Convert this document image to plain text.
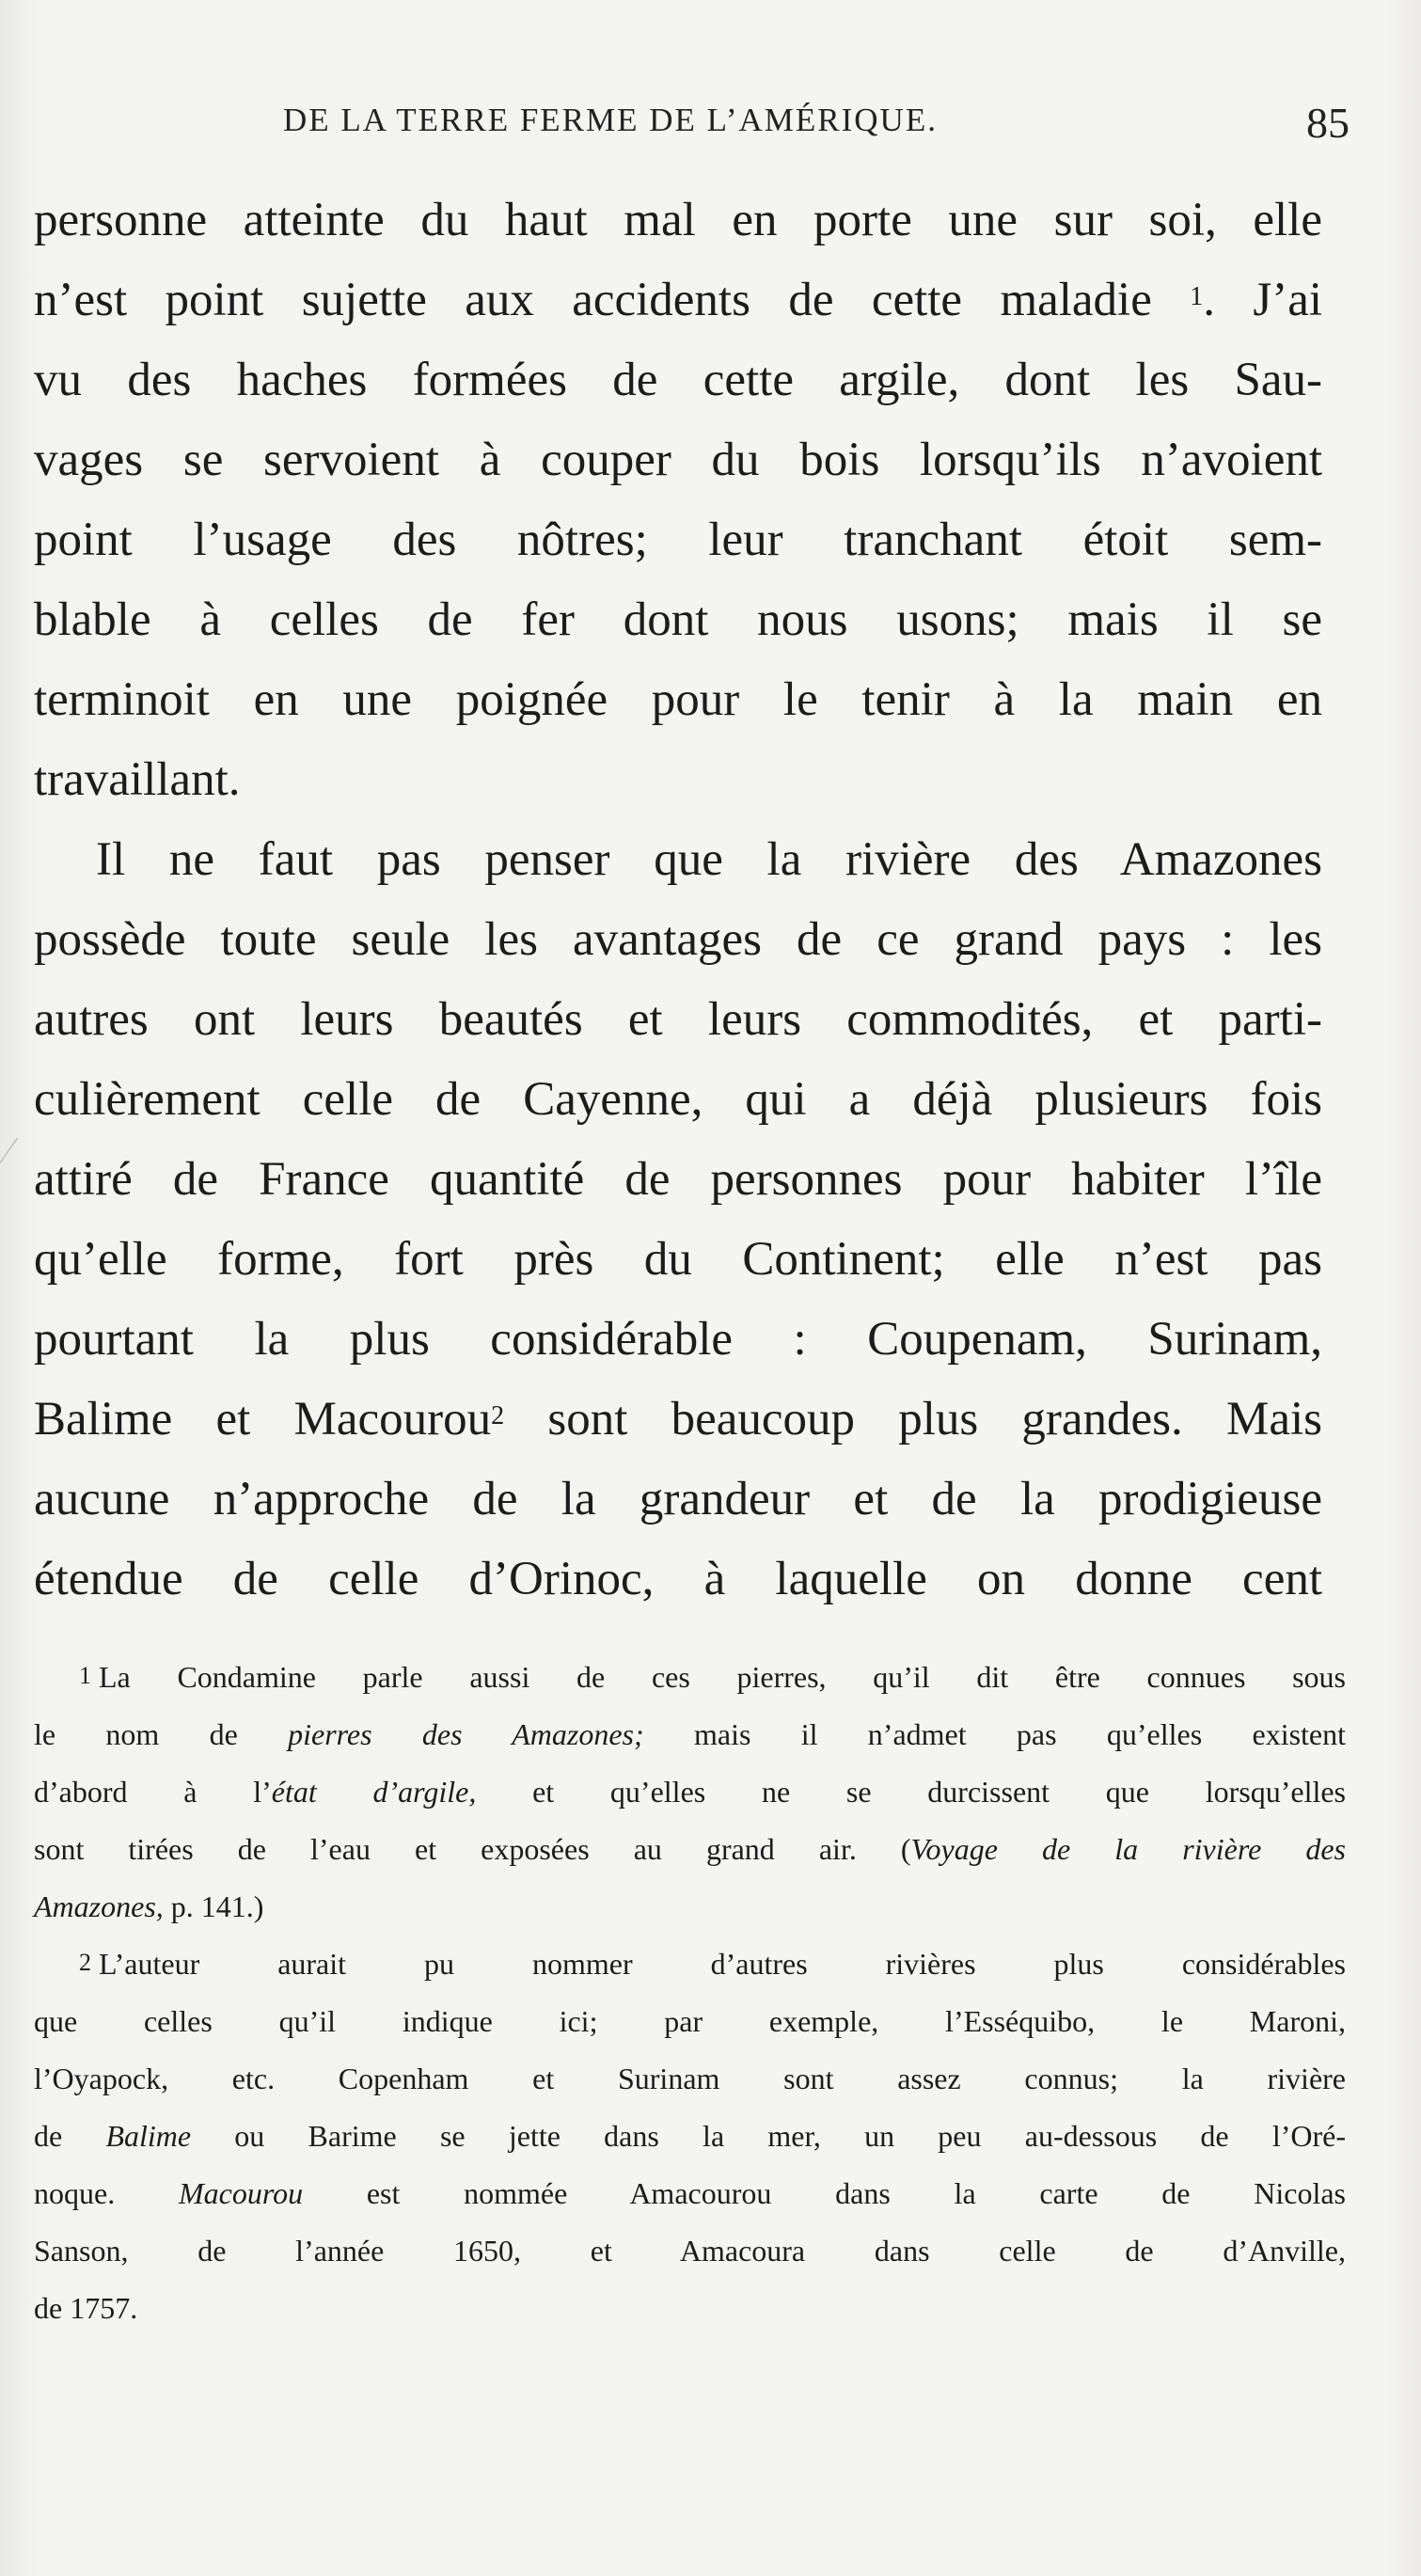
DE LA TERRE FERME DE L’AMÉRIQUE.	85
personne atteinte du haut mal en porte une sur soi, elle
n’est point sujette aux accidents de cette maladie $^1$. J’ai
vu des haches formées de cette argile, dont les Sau-
vages se servoient à couper du bois lorsqu’ils n’avoient
point l’usage des nôtres; leur tranchant étoit sem-
blable à celles de fer dont nous usons; mais il se
terminoit en une poignée pour le tenir à la main en
travaillant.
Il ne faut pas penser que la rivière des Amazones
possède toute seule les avantages de ce grand pays : les
autres ont leurs beautés et leurs commodités, et parti-
culièrement celle de Cayenne, qui a déjà plusieurs fois
attiré de France quantité de personnes pour habiter l’île
qu’elle forme, fort près du Continent; elle n’est pas
pourtant la plus considérable : Coupenam, Surinam,
Balime et Macourou$^2$ sont beaucoup plus grandes. Mais
aucune n’approche de la grandeur et de la prodigieuse
étendue de celle d’Orinoc, à laquelle on donne cent
$^1$ La Condamine parle aussi de ces pierres, qu’il dit être connues sous
le nom de pierres des Amazones; mais il n’admet pas qu’elles existent
d’abord à l’état d’argile, et qu’elles ne se durcissent que lorsqu’elles
sont tirées de l’eau et exposées au grand air. (Voyage de la rivière des
Amazones, p. 141.)
$^2$ L’auteur aurait pu nommer d’autres rivières plus considérables
que celles qu’il indique ici; par exemple, l’Esséquibo, le Maroni,
l’Oyapock, etc. Copenham et Surinam sont assez connus; la rivière
de Balime ou Barime se jette dans la mer, un peu au-dessous de l’Oré-
noque. Macourou est nommée Amacourou dans la carte de Nicolas
Sanson, de l’année 1650, et Amacoura dans celle de d’Anville,
de 1757.
